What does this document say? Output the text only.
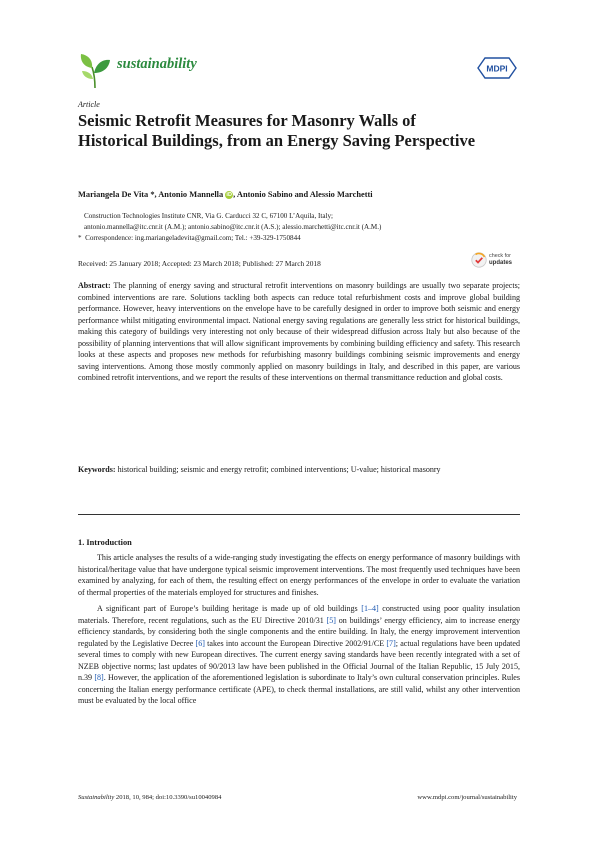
sustainability	MDPI
Article
Seismic Retrofit Measures for Masonry Walls of Historical Buildings, from an Energy Saving Perspective
Mariangela De Vita *, Antonio Mannella iD, Antonio Sabino and Alessio Marchetti
Construction Technologies Institute CNR, Via G. Carducci 32 C, 67100 L’Aquila, Italy;
antonio.mannella@itc.cnr.it (A.M.); antonio.sabino@itc.cnr.it (A.S.); alessio.marchetti@itc.cnr.it (A.M.)
* Correspondence: ing.mariangeladevita@gmail.com; Tel.: +39-329-1750844
check for
updates
Received: 25 January 2018; Accepted: 23 March 2018; Published: 27 March 2018
Abstract: The planning of energy saving and structural retrofit interventions on masonry buildings are usually two separate projects; combined interventions are rare. Solutions tackling both aspects can reduce total refurbishment costs and improve global building performance. However, heavy interventions on the envelope have to be carefully designed in order to improve both seismic and energy performance whilst mitigating environmental impact. National energy saving regulations are generally less strict for historical buildings, making this category of buildings very interesting not only because of their widespread diffusion across Italy but also because of the possibility of planning interventions that will allow significant improvements by combining building efficiency and safety. This research looks at these aspects and proposes new methods for refurbishing masonry buildings combining seismic improvements and energy saving interventions. Among those mostly commonly applied on masonry buildings in Italy, and described in this paper, are various combined retrofit interventions, and we report the results of these interventions on thermal transmittance reduction and global costs.
Keywords: historical building; seismic and energy retrofit; combined interventions; U-value; historical masonry
1. Introduction

This article analyses the results of a wide-ranging study investigating the effects on energy performance of masonry buildings with historical/heritage value that have undergone typical seismic improvement interventions. The most frequently used techniques have been examined by analyzing, for each of them, the resulting effect on energy performances of the envelope in order to evaluate the variation of thermal properties of the materials employed for structures and finishes.

A significant part of Europe’s building heritage is made up of old buildings [1–4] constructed using poor quality insulation materials. Therefore, recent regulations, such as the EU Directive 2010/31 [5] on buildings’ energy efficiency, aim to increase energy efficiency standards, by considering both the single components and the entire building. In Italy, the energy improvement intervention regulated by the Legislative Decree [6] takes into account the European Directive 2002/91/CE [7]; actual regulations have been updated several times to comply with new European directives. The current energy saving standards have been recently integrated with a set of NZEB objective norms; last updates of 90/2013 law have been published in the Official Journal of the Italian Republic, 15 July 2015, n.39 [8]. However, the application of the aforementioned legislation is subordinate to Italy’s own cultural conservation principles. Rules concerning the Italian energy performance certificate (APE), to check thermal installations, are still valid, whilst any other intervention must be evaluated by the local office

Sustainability 2018, 10, 984; doi:10.3390/su10040984	www.mdpi.com/journal/sustainability
